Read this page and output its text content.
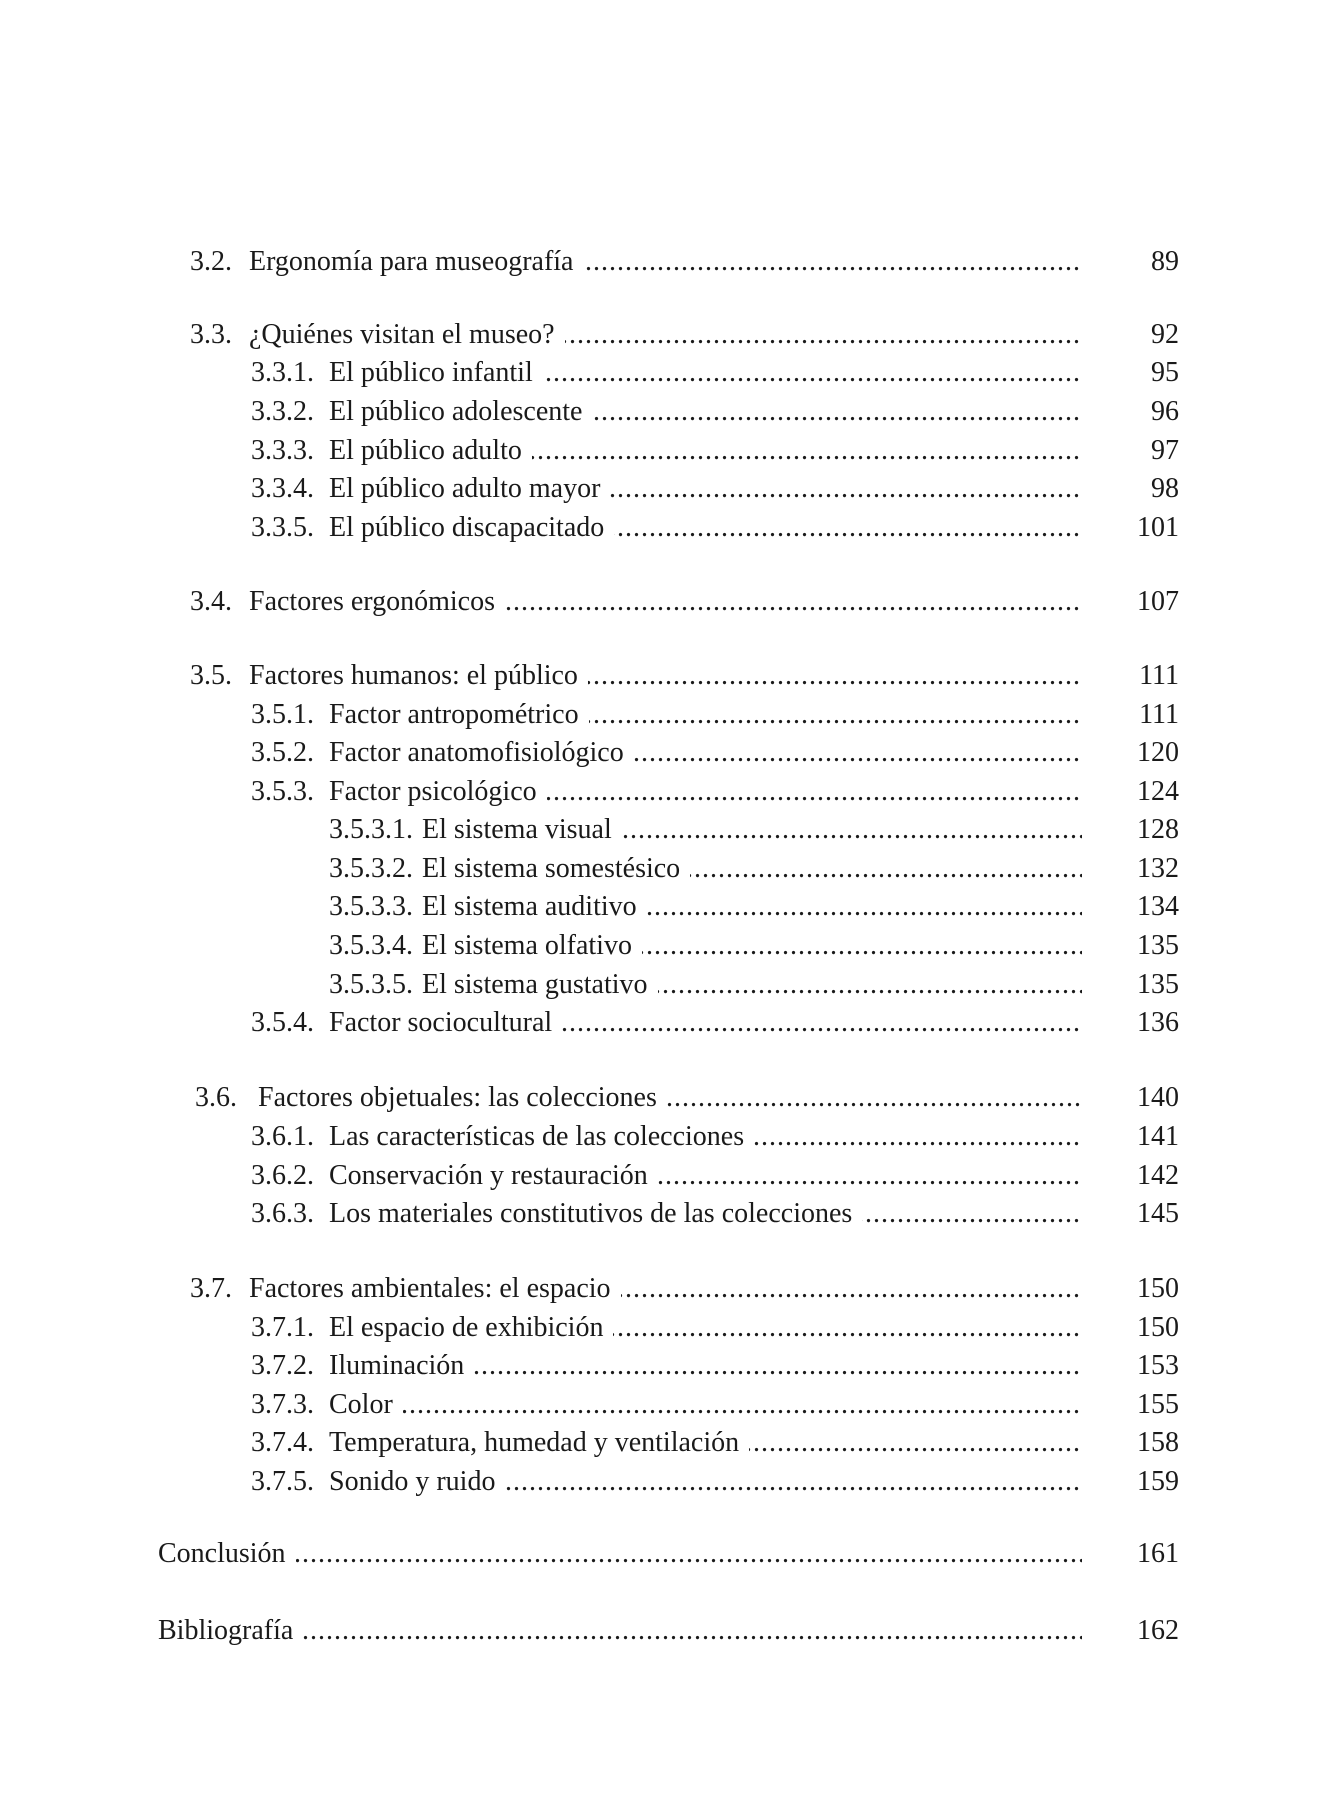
3.2. Ergonomía para museografía .....	89
3.3. ¿Quiénes visitan el museo? .....	92
3.3.1. El público infantil .....	95
3.3.2. El público adolescente .....	96
3.3.3. El público adulto .....	97
3.3.4. El público adulto mayor .....	98
3.3.5. El público discapacitado .....	101
3.4. Factores ergonómicos .....	107
3.5. Factores humanos: el público .....	111
3.5.1. Factor antropométrico .....	111
3.5.2. Factor anatomofisiológico .....	120
3.5.3. Factor psicológico .....	124
3.5.3.1. El sistema visual .....	128
3.5.3.2. El sistema somestésico .....	132
3.5.3.3. El sistema auditivo .....	134
3.5.3.4. El sistema olfativo .....	135
3.5.3.5. El sistema gustativo .....	135
3.5.4. Factor sociocultural .....	136
3.6. Factores objetuales: las colecciones .....	140
3.6.1. Las características de las colecciones .....	141
3.6.2. Conservación y restauración .....	142
3.6.3. Los materiales constitutivos de las colecciones .....	145
3.7. Factores ambientales: el espacio .....	150
3.7.1. El espacio de exhibición .....	150
3.7.2. Iluminación .....	153
3.7.3. Color .....	155
3.7.4. Temperatura, humedad y ventilación .....	158
3.7.5. Sonido y ruido .....	159
Conclusión .....	161
Bibliografía .....	162
